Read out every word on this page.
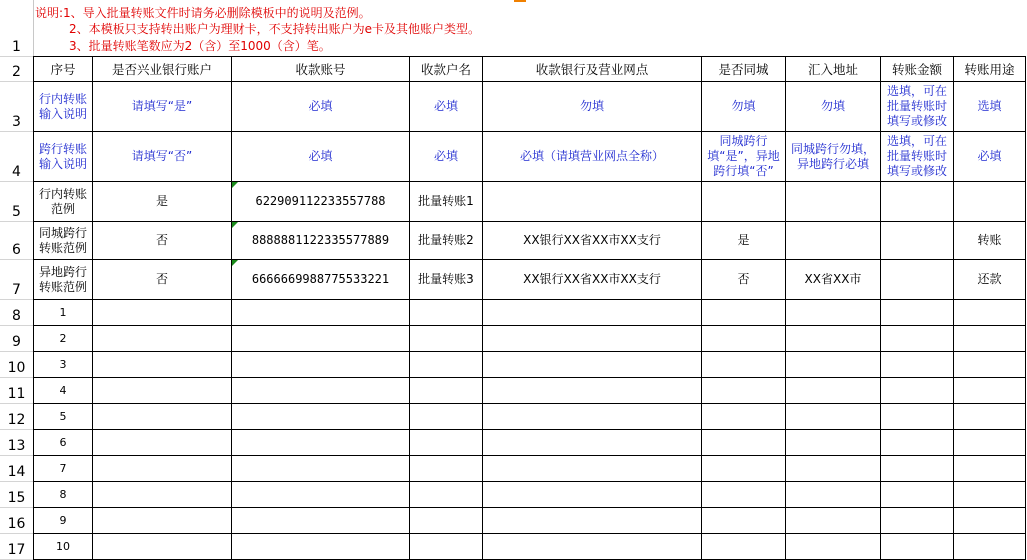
1
2
3
4
5
6
7
8
9
10
11
12
13
14
15
16
17
说明:1、导入批量转账文件时请务必删除模板中的说明及范例。
2、本模板只支持转出账户为理财卡，不支持转出账户为e卡及其他账户类型。
3、批量转账笔数应为2（含）至1000（含）笔。
序号	是否兴业银行账户	收款账号	收款户名	收款银行及营业网点	是否同城	汇入地址	转账金额	转账用途
行内转账输入说明	请填写“是”	必填	必填	勿填	勿填	勿填	选填，可在批量转账时填写或修改	选填
跨行转账输入说明	请填写“否”	必填	必填	必填（请填营业网点全称）	同城跨行填“是”，异地跨行填“否”	同城跨行勿填，异地跨行必填	选填，可在批量转账时填写或修改	必填
行内转账范例	是	622909112233557788	批量转账1					
同城跨行转账范例	否	8888881122335577889	批量转账2	XX银行XX省XX市XX支行	是			转账
异地跨行转账范例	否	6666669988775533221	批量转账3	XX银行XX省XX市XX支行	否	XX省XX市		还款
1								
2								
3								
4								
5								
6								
7								
8								
9								
10								
